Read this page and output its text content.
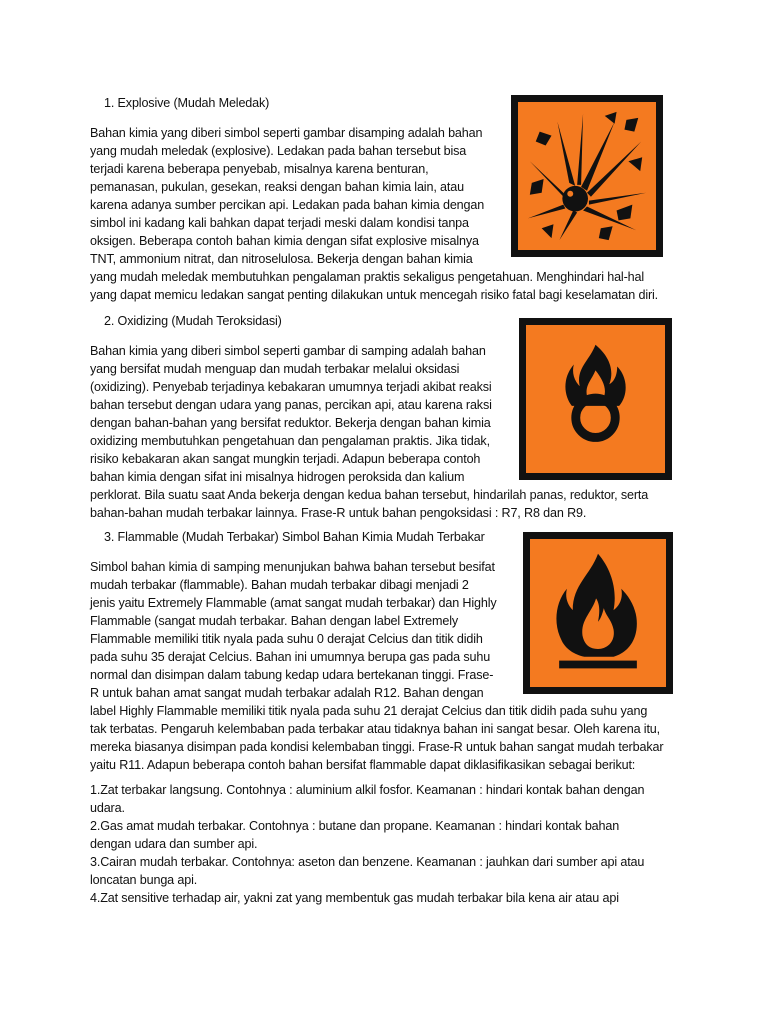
1. Explosive (Mudah Meledak)
Bahan kimia yang diberi simbol seperti gambar disamping adalah bahan
yang mudah meledak (explosive). Ledakan pada bahan tersebut bisa
terjadi karena beberapa penyebab, misalnya karena benturan,
pemanasan, pukulan, gesekan, reaksi dengan bahan kimia lain, atau
karena adanya sumber percikan api. Ledakan pada bahan kimia dengan
simbol ini kadang kali bahkan dapat terjadi meski dalam kondisi tanpa
oksigen. Beberapa contoh bahan kimia dengan sifat explosive misalnya
TNT, ammonium nitrat, dan nitroselulosa. Bekerja dengan bahan kimia
yang mudah meledak membutuhkan pengalaman praktis sekaligus pengetahuan. Menghindari hal-hal
yang dapat memicu ledakan sangat penting dilakukan untuk mencegah risiko fatal bagi keselamatan diri.
2. Oxidizing (Mudah Teroksidasi)
Bahan kimia yang diberi simbol seperti gambar di samping adalah bahan
yang bersifat mudah menguap dan mudah terbakar melalui oksidasi
(oxidizing). Penyebab terjadinya kebakaran umumnya terjadi akibat reaksi
bahan tersebut dengan udara yang panas, percikan api, atau karena raksi
dengan bahan-bahan yang bersifat reduktor. Bekerja dengan bahan kimia
oxidizing membutuhkan pengetahuan dan pengalaman praktis. Jika tidak,
risiko kebakaran akan sangat mungkin terjadi. Adapun beberapa contoh
bahan kimia dengan sifat ini misalnya hidrogen peroksida dan kalium
perklorat. Bila suatu saat Anda bekerja dengan kedua bahan tersebut, hindarilah panas, reduktor, serta
bahan-bahan mudah terbakar lainnya. Frase-R untuk bahan pengoksidasi : R7, R8 dan R9.
3. Flammable (Mudah Terbakar) Simbol Bahan Kimia Mudah Terbakar
Simbol bahan kimia di samping menunjukan bahwa bahan tersebut besifat
mudah terbakar (flammable). Bahan mudah terbakar dibagi menjadi 2
jenis yaitu Extremely Flammable (amat sangat mudah terbakar) dan Highly
Flammable (sangat mudah terbakar. Bahan dengan label Extremely
Flammable memiliki titik nyala pada suhu 0 derajat Celcius dan titik didih
pada suhu 35 derajat Celcius. Bahan ini umumnya berupa gas pada suhu
normal dan disimpan dalam tabung kedap udara bertekanan tinggi. Frase-
R untuk bahan amat sangat mudah terbakar adalah R12. Bahan dengan
label Highly Flammable memiliki titik nyala pada suhu 21 derajat Celcius dan titik didih pada suhu yang
tak terbatas. Pengaruh kelembaban pada terbakar atau tidaknya bahan ini sangat besar. Oleh karena itu,
mereka biasanya disimpan pada kondisi kelembaban tinggi. Frase-R untuk bahan sangat mudah terbakar
yaitu R11. Adapun beberapa contoh bahan bersifat flammable dapat diklasifikasikan sebagai berikut:
1.Zat terbakar langsung. Contohnya : aluminium alkil fosfor. Keamanan : hindari kontak bahan dengan
udara.
2.Gas amat mudah terbakar. Contohnya : butane dan propane. Keamanan : hindari kontak bahan
dengan udara dan sumber api.
3.Cairan mudah terbakar. Contohnya: aseton dan benzene. Keamanan : jauhkan dari sumber api atau
loncatan bunga api.
4.Zat sensitive terhadap air, yakni zat yang membentuk gas mudah terbakar bila kena air atau api
